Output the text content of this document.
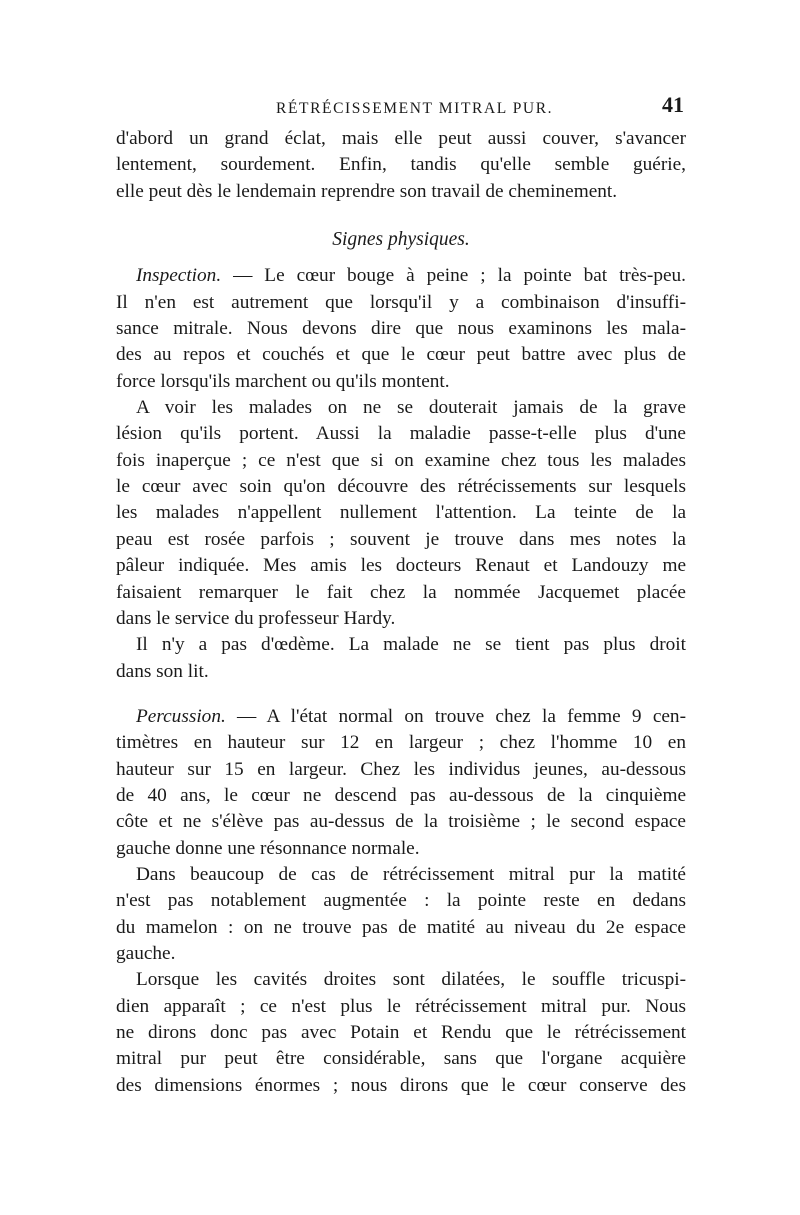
RÉTRÉCISSEMENT MITRAL PUR.	41
d'abord un grand éclat, mais elle peut aussi couver, s'avancer
lentement, sourdement. Enfin, tandis qu'elle semble guérie,
elle peut dès le lendemain reprendre son travail de cheminement.
Signes physiques.
Inspection. — Le cœur bouge à peine ; la pointe bat très-peu.
Il n'en est autrement que lorsqu'il y a combinaison d'insuffi-
sance mitrale. Nous devons dire que nous examinons les mala-
des au repos et couchés et que le cœur peut battre avec plus de
force lorsqu'ils marchent ou qu'ils montent.
A voir les malades on ne se douterait jamais de la grave
lésion qu'ils portent. Aussi la maladie passe-t-elle plus d'une
fois inaperçue ; ce n'est que si on examine chez tous les malades
le cœur avec soin qu'on découvre des rétrécissements sur lesquels
les malades n'appellent nullement l'attention. La teinte de la
peau est rosée parfois ; souvent je trouve dans mes notes la
pâleur indiquée. Mes amis les docteurs Renaut et Landouzy me
faisaient remarquer le fait chez la nommée Jacquemet placée
dans le service du professeur Hardy.
Il n'y a pas d'œdème. La malade ne se tient pas plus droit
dans son lit.
Percussion. — A l'état normal on trouve chez la femme 9 cen-
timètres en hauteur sur 12 en largeur ; chez l'homme 10 en
hauteur sur 15 en largeur. Chez les individus jeunes, au-dessous
de 40 ans, le cœur ne descend pas au-dessous de la cinquième
côte et ne s'élève pas au-dessus de la troisième ; le second espace
gauche donne une résonnance normale.
Dans beaucoup de cas de rétrécissement mitral pur la matité
n'est pas notablement augmentée : la pointe reste en dedans
du mamelon : on ne trouve pas de matité au niveau du 2e espace
gauche.
Lorsque les cavités droites sont dilatées, le souffle tricuspi-
dien apparaît ; ce n'est plus le rétrécissement mitral pur. Nous
ne dirons donc pas avec Potain et Rendu que le rétrécissement
mitral pur peut être considérable, sans que l'organe acquière
des dimensions énormes ; nous dirons que le cœur conserve des
